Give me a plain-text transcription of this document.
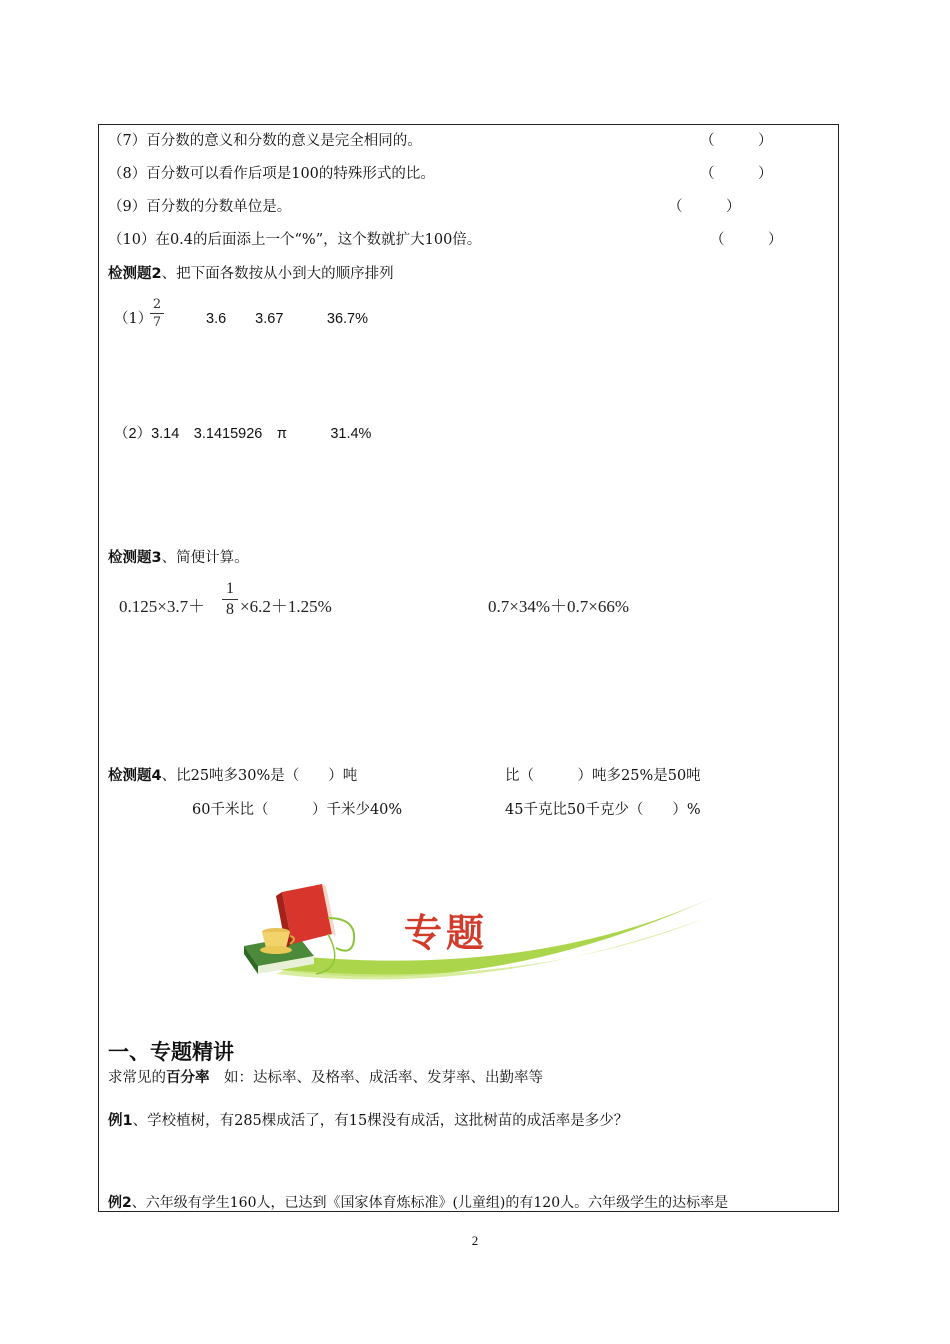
（7）百分数的意义和分数的意义是完全相同的。	（　　　）
（8）百分数可以看作后项是100的特殊形式的比。	（　　　）
（9）百分数的分数单位是。	（　　　）
（10）在0.4的后面添上一个“%”，这个数就扩大100倍。	（　　　）
检测题2、把下面各数按从小到大的顺序排列
（1）
2
7	3.6　　3.67　　　36.7%
（2）3.14　3.1415926　π　　　31.4%
检测题3、简便计算。
0.125×3.7＋
1
8 ×6.2＋1.25%	0.7×34%＋0.7×66%
检测题4、比25吨多30%是（　　）吨	比（　　　）吨多25%是50吨
60千米比（　　　）千米少40%	45千克比50千克少（　　）%
专题
一、专题精讲
求常见的百分率　如：达标率、及格率、成活率、发芽率、出勤率等
例1、学校植树，有285棵成活了，有15棵没有成活，这批树苗的成活率是多少？
例2、六年级有学生160人，已达到《国家体育炼标准》(儿童组)的有120人。六年级学生的达标率是
2
